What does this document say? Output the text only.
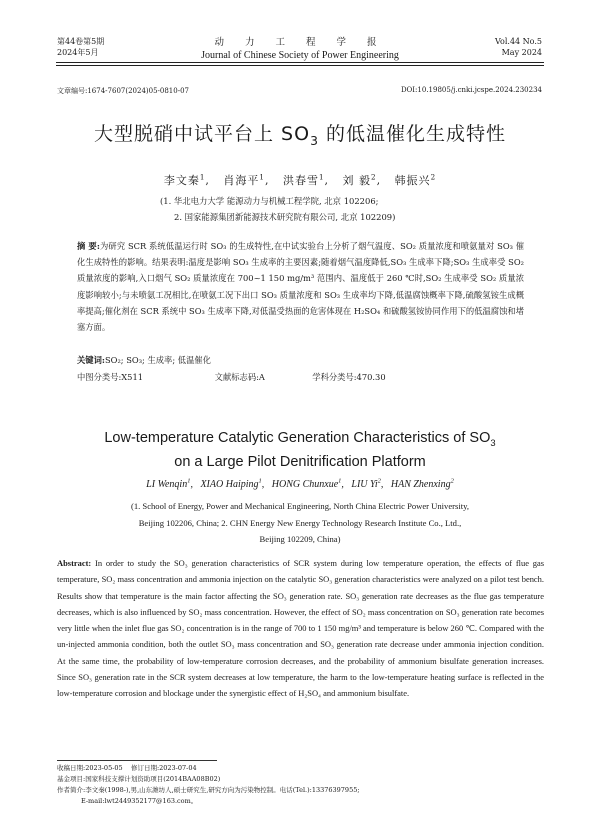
第44卷第5期
2024年5月
动 力 工 程 学 报
Journal of Chinese Society of Power Engineering
Vol.44 No.5
May 2024
文章编号:1674-7607(2024)05-0810-07	DOI:10.19805/j.cnki.jcspe.2024.230234
大型脱硝中试平台上 $SO_3$ 的低温催化生成特性
李文秦$^1$,   肖海平$^1$,   洪春雪$^1$,   刘 毅$^2$,   韩振兴$^2$
(1. 华北电力大学 能源动力与机械工程学院, 北京 102206;
2. 国家能源集团新能源技术研究院有限公司, 北京 102209)
摘 要:为研究 SCR 系统低温运行时 SO₃ 的生成特性,在中试实验台上分析了烟气温度、SO₂ 质量浓度和喷氨量对 SO₃ 催化生成特性的影响。结果表明:温度是影响 SO₃ 生成率的主要因素;随着烟气温度降低,SO₃ 生成率下降;SO₃ 生成率受 SO₂ 质量浓度的影响,入口烟气 SO₂ 质量浓度在 700~1 150 mg/m³ 范围内、温度低于 260 ℃时,SO₂ 生成率受 SO₂ 质量浓度影响较小;与未喷氨工况相比,在喷氨工况下出口 SO₃ 质量浓度和 SO₃ 生成率均下降,低温腐蚀概率下降,硫酸氢铵生成概率提高;催化剂在 SCR 系统中 SO₃ 生成率下降,对低温受热面的危害体现在 H₂SO₄ 和硫酸氢铵协同作用下的低温腐蚀和堵塞方面。
关键词:SO₂; SO₃; 生成率; 低温催化
中图分类号:X511	文献标志码:A	学科分类号:470.30
Low-temperature Catalytic Generation Characteristics of $SO_3$
on a Large Pilot Denitrification Platform
LI Wenqin$^1$,   XIAO Haiping$^1$,   HONG Chunxue$^1$,   LIU Yi$^2$,   HAN Zhenxing$^2$
(1. School of Energy, Power and Mechanical Engineering, North China Electric Power University,
Beijing 102206, China; 2. CHN Energy New Energy Technology Research Institute Co., Ltd.,
Beijing 102209, China)
Abstract: In order to study the SO₃ generation characteristics of SCR system during low temperature operation, the effects of flue gas temperature, SO₂ mass concentration and ammonia injection on the catalytic SO₃ generation characteristics were analyzed on a pilot test bench. Results show that temperature is the main factor affecting the SO₃ generation rate. SO₃ generation rate decreases as the flue gas temperature decreases, which is also influenced by SO₂ mass concentration. However, the effect of SO₂ mass concentration on SO₃ generation rate becomes very little when the inlet flue gas SO₂ concentration is in the range of 700 to 1 150 mg/m³ and temperature is below 260 ℃. Compared with the un-injected ammonia condition, both the outlet SO₃ mass concentration and SO₃ generation rate decrease under ammonia injection condition. At the same time, the probability of low-temperature corrosion decreases, and the probability of ammonium bisulfate generation increases. Since SO₃ generation rate in the SCR system decreases at low temperature, the harm to the low-temperature heating surface is reflected in the low-temperature corrosion and blockage under the synergistic effect of H₂SO₄ and ammonium bisulfate.
收稿日期:2023-05-05 修订日期:2023-07-04
基金项目:国家科技支撑计划资助项目(2014BAA08B02)
作者简介:李文秦(1998-),男,山东潍坊人,硕士研究生,研究方向为污染物控制。电话(Tel.):13376397955;
E-mail:lwt2449352177@163.com。
